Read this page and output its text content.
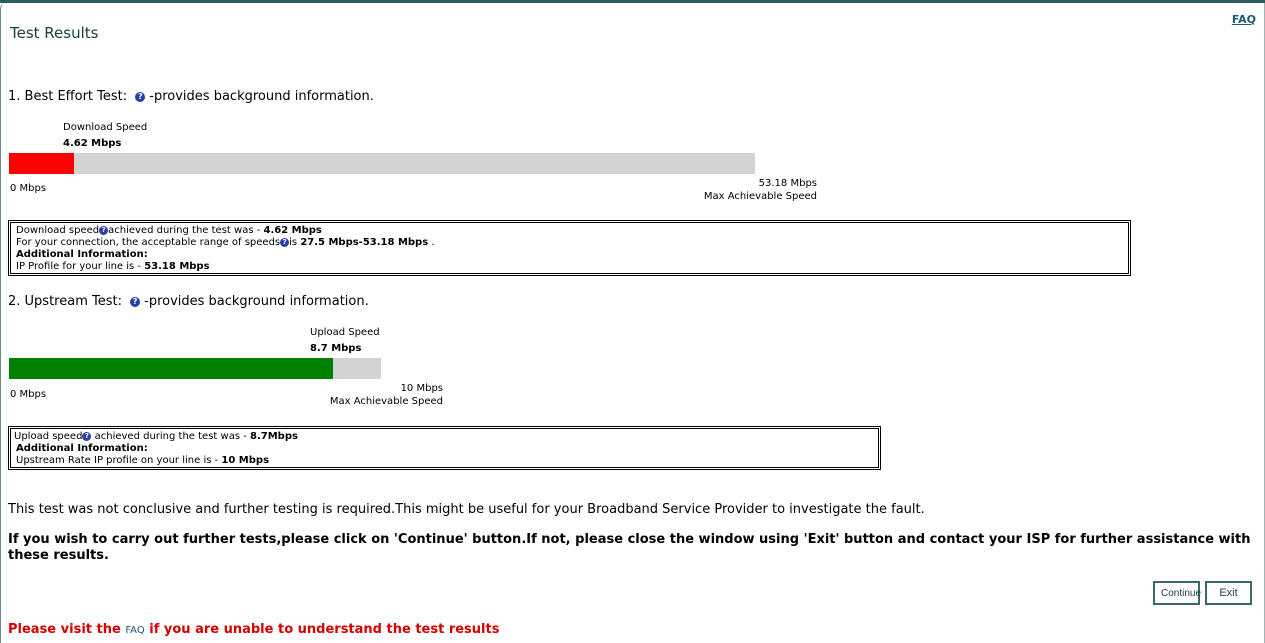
Test Results
FAQ
1. Best Effort Test: ? -provides background information.
Download Speed
4.62 Mbps
0 Mbps	53.18 Mbps
Max Achievable Speed
Download speed ? achieved during the test was - 4.62 Mbps
For your connection, the acceptable range of speeds ? is 27.5 Mbps-53.18 Mbps .
Additional Information:
IP Profile for your line is - 53.18 Mbps
2. Upstream Test: ? -provides background information.
Upload Speed
8.7 Mbps
0 Mbps
10 Mbps
Max Achievable Speed
Upload speed ? achieved during the test was - 8.7Mbps
Additional Information:
Upstream Rate IP profile on your line is - 10 Mbps
This test was not conclusive and further testing is required.This might be useful for your Broadband Service Provider to investigate the fault.
If you wish to carry out further tests,please click on 'Continue' button.If not, please close the window using 'Exit' button and contact your ISP for further assistance with these results.
Continue	Exit
Please visit the FAQ if you are unable to understand the test results
